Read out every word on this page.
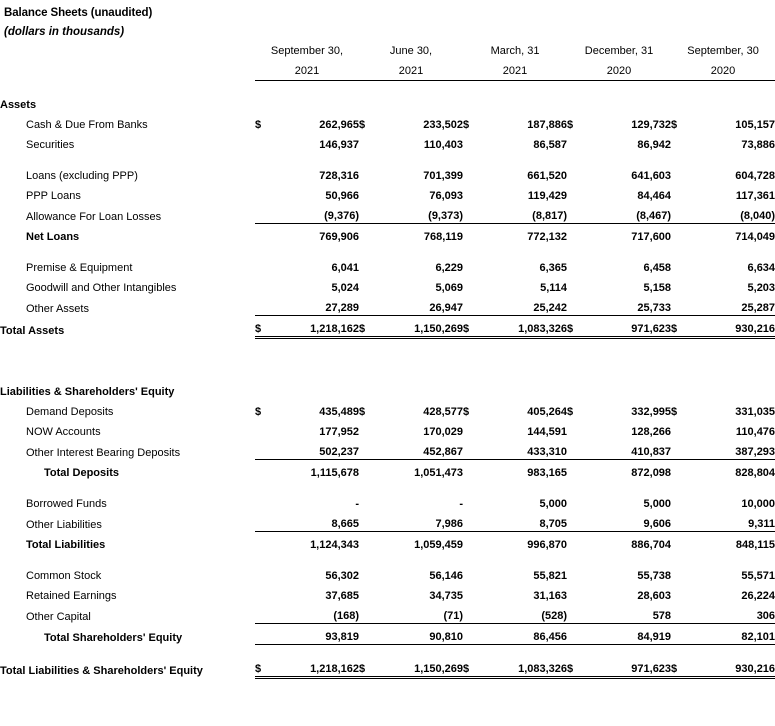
Balance Sheets (unaudited)
(dollars in thousands)
	September 30,		June 30,		March, 31		December, 31		September, 30	
	2021		2021		2021		2020		2020	

Assets										
Cash & Due From Banks	$	262,965	$	233,502	$	187,886	$	129,732	$	105,157
Securities		146,937		110,403		86,587		86,942		73,886

Loans (excluding PPP)		728,316		701,399		661,520		641,603		604,728
PPP Loans		50,966		76,093		119,429		84,464		117,361
Allowance For Loan Losses		(9,376)		(9,373)		(8,817)		(8,467)		(8,040)
Net Loans		769,906		768,119		772,132		717,600		714,049

Premise & Equipment		6,041		6,229		6,365		6,458		6,634
Goodwill and Other Intangibles		5,024		5,069		5,114		5,158		5,203
Other Assets		27,289		26,947		25,242		25,733		25,287
Total Assets	$	1,218,162	$	1,150,269	$	1,083,326	$	971,623	$	930,216

Liabilities & Shareholders' Equity										
Demand Deposits	$	435,489	$	428,577	$	405,264	$	332,995	$	331,035
NOW Accounts		177,952		170,029		144,591		128,266		110,476
Other Interest Bearing Deposits		502,237		452,867		433,310		410,837		387,293
Total Deposits		1,115,678		1,051,473		983,165		872,098		828,804

Borrowed Funds		-		-		5,000		5,000		10,000
Other Liabilities		8,665		7,986		8,705		9,606		9,311
Total Liabilities		1,124,343		1,059,459		996,870		886,704		848,115

Common Stock		56,302		56,146		55,821		55,738		55,571
Retained Earnings		37,685		34,735		31,163		28,603		26,224
Other Capital		(168)		(71)		(528)		578		306
Total Shareholders' Equity		93,819		90,810		86,456		84,919		82,101

Total Liabilities & Shareholders' Equity	$	1,218,162	$	1,150,269	$	1,083,326	$	971,623	$	930,216
